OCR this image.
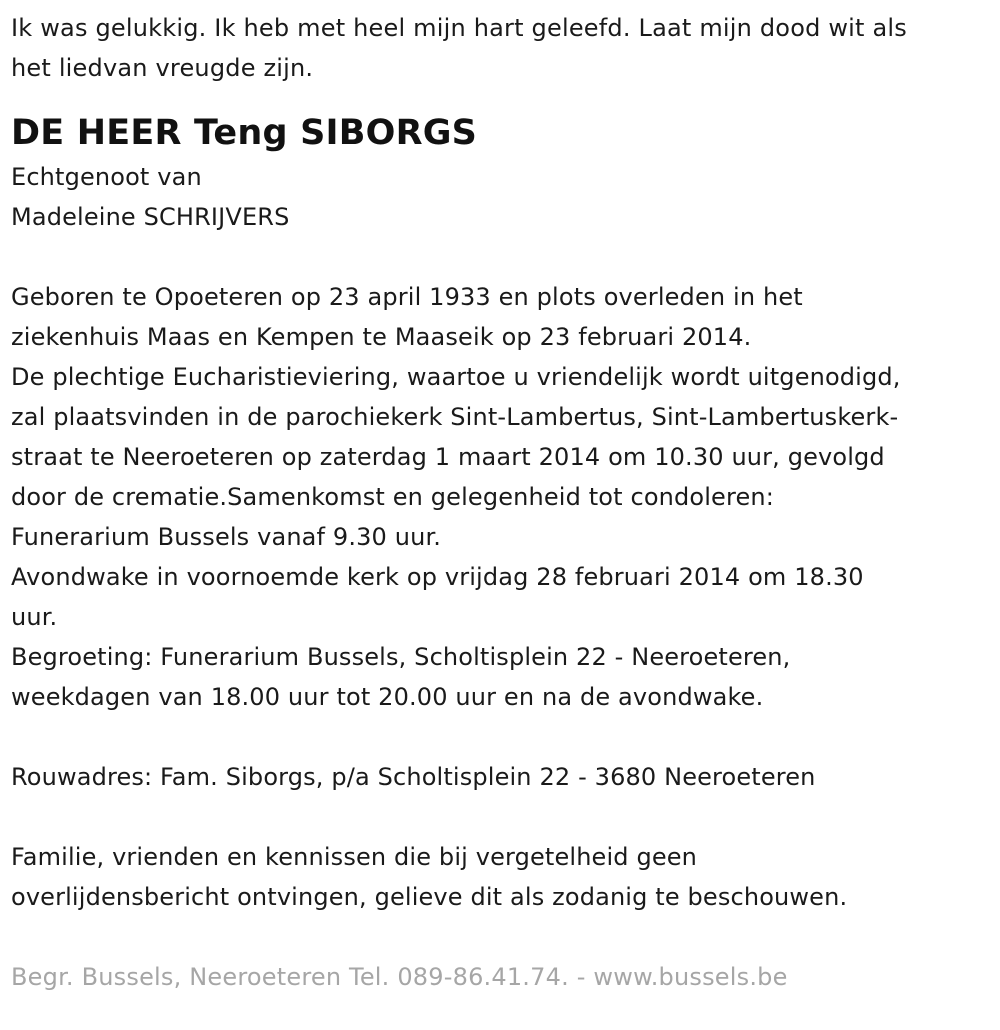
Ik was gelukkig. Ik heb met heel mijn hart geleefd. Laat mijn dood wit als
het liedvan vreugde zijn.
DE HEER Teng SIBORGS
Echtgenoot van
Madeleine SCHRIJVERS
Geboren te Opoeteren op 23 april 1933 en plots overleden in het
ziekenhuis Maas en Kempen te Maaseik op 23 februari 2014.
De plechtige Eucharistieviering, waartoe u vriendelijk wordt uitgenodigd,
zal plaatsvinden in de parochiekerk Sint-Lambertus, Sint-Lambertuskerk-
straat te Neeroeteren op zaterdag 1 maart 2014 om 10.30 uur, gevolgd
door de crematie.Samenkomst en gelegenheid tot condoleren:
Funerarium Bussels vanaf 9.30 uur.
Avondwake in voornoemde kerk op vrijdag 28 februari 2014 om 18.30
uur.
Begroeting: Funerarium Bussels, Scholtisplein 22 - Neeroeteren,
weekdagen van 18.00 uur tot 20.00 uur en na de avondwake.
Rouwadres: Fam. Siborgs, p/a Scholtisplein 22 - 3680 Neeroeteren
Familie, vrienden en kennissen die bij vergetelheid geen
overlijdensbericht ontvingen, gelieve dit als zodanig te beschouwen.
Begr. Bussels, Neeroeteren Tel. 089-86.41.74. - www.bussels.be
